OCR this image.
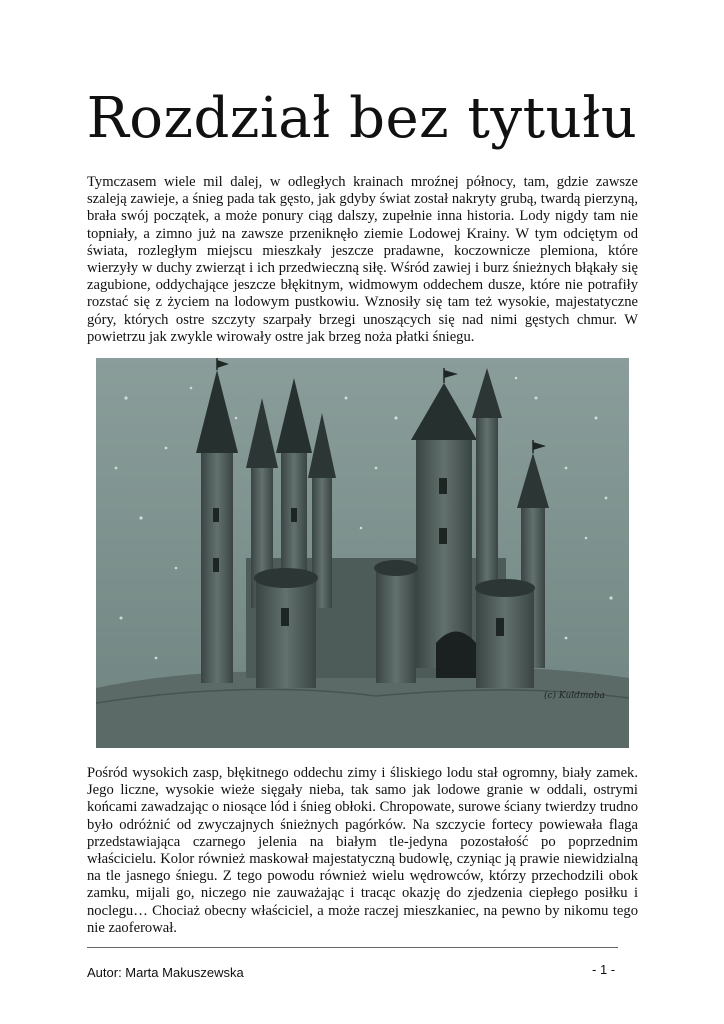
Rozdział bez tytułu

Tymczasem wiele mil dalej, w odległych krainach mroźnej północy, tam, gdzie zawsze szaleją zawieje, a śnieg pada tak gęsto, jak gdyby świat został nakryty grubą, twardą pierzyną, brała swój początek, a może ponury ciąg dalszy, zupełnie inna historia. Lody nigdy tam nie topniały, a zimno już na zawsze przeniknęło ziemie Lodowej Krainy. W tym odciętym od świata, rozległym miejscu mieszkały jeszcze pradawne, koczownicze plemiona, które wierzyły w duchy zwierząt i ich przedwieczną siłę. Wśród zawiej i burz śnieżnych błąkały się zagubione, oddychające jeszcze błękitnym, widmowym oddechem dusze, które nie potrafiły rozstać się z życiem na lodowym pustkowiu. Wznosiły się tam też wysokie, majestatyczne góry, których ostre szczyty szarpały brzegi unoszących się nad nimi gęstych chmur. W powietrzu jak zwykle wirowały ostre jak brzeg noża płatki śniegu.

(c) Kuldmoba

Pośród wysokich zasp, błękitnego oddechu zimy i śliskiego lodu stał ogromny, biały zamek. Jego liczne, wysokie wieże sięgały nieba, tak samo jak lodowe granie w oddali, ostrymi końcami zawadzając o niosące lód i śnieg obłoki. Chropowate, surowe ściany twierdzy trudno było odróżnić od zwyczajnych śnieżnych pagórków. Na szczycie fortecy powiewała flaga przedstawiająca czarnego jelenia na białym tle-jedyna pozostałość po poprzednim właścicielu. Kolor również maskował majestatyczną budowlę, czyniąc ją prawie niewidzialną na tle jasnego śniegu. Z tego powodu również wielu wędrowców, którzy przechodzili obok zamku, mijali go, niczego nie zauważając i tracąc okazję do zjedzenia ciepłego posiłku i noclegu… Chociaż obecny właściciel, a może raczej mieszkaniec, na pewno by nikomu tego nie zaoferował.

Autor: Marta Makuszewska	- 1 -
